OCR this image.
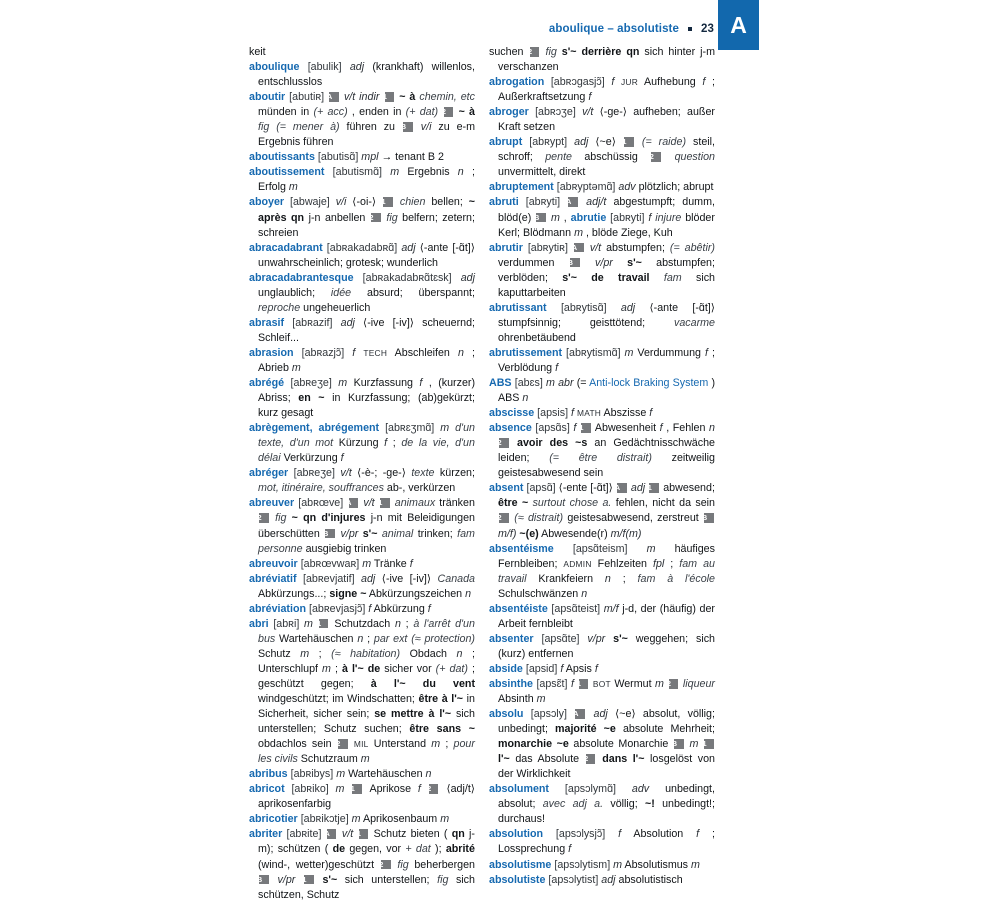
aboulique – absolutiste 23 A
keit
aboulique [abulik] adj (krankhaft) willenlos, entschlusslos
aboutir [abutiʀ] A v/t indir 1 ~ à chemin, etc münden in (+ acc) , enden in (+ dat) 2 ~ à fig (= mener à) führen zu B v/i zu e-m Ergebnis führen
aboutissants [abutisɑ̃] mpl → tenant B 2
aboutissement [abutismɑ̃] m Ergebnis n ; Erfolg m
aboyer [abwaje] v/i ⟨-oi-⟩ 1 chien bellen; ~ après qn j-n anbellen 2 fig belfern; zetern; schreien
abracadabrant [abʀakadabʀɑ̃] adj ⟨-ante [-ɑ̃t]⟩ unwahrscheinlich; grotesk; wunderlich
abracadabrantesque [abʀakadabʀɑ̃tɛsk] adj unglaublich; idée absurd; überspannt; reproche ungeheuerlich
abrasif [abʀazif] adj ⟨-ive [-iv]⟩ scheuernd; Schleif...
abrasion [abʀazjɔ̃] f TECH Abschleifen n ; Abrieb m
abrégé [abʀeʒe] m Kurzfassung f , (kurzer) Abriss; en ~ in Kurzfassung; (ab)gekürzt; kurz gesagt
abrègement, abrégement [abʀɛʒmɑ̃] m d'un texte, d'un mot Kürzung f ; de la vie, d'un délai Verkürzung f
abréger [abʀeʒe] v/t ⟨-è-; -ge-⟩ texte kürzen; mot, itinéraire, souffrances ab-, verkürzen
abreuver [abʀœve] A v/t 1 animaux tränken 2 fig ~ qn d'injures j-n mit Beleidigungen überschütten B v/pr s'~ animal trinken; fam personne ausgiebig trinken
abreuvoir [abʀœvwaʀ] m Tränke f
abréviatif [abʀevjatif] adj ⟨-ive [-iv]⟩ Canada Abkürzungs...; signe ~ Abkürzungszeichen n
abréviation [abʀevjasjɔ̃] f Abkürzung f
abri [abʀi] m 1 Schutzdach n ; à l'arrêt d'un bus Wartehäuschen n ; par ext (≈ protection) Schutz m ; (≈ habitation) Obdach n ; Unterschlupf m ; à l'~ de sicher vor (+ dat) ; geschützt gegen; à l'~ du vent windgeschützt; im Windschatten; être à l'~ in Sicherheit, sicher sein; se mettre à l'~ sich unterstellen; Schutz suchen; être sans ~ obdachlos sein 2 MIL Unterstand m ; pour les civils Schutzraum m
abribus [abʀibys] m Wartehäuschen n
abricot [abʀiko] m 1 Aprikose f 2 ⟨adj/t⟩ aprikosenfarbig
abricotier [abʀikɔtje] m Aprikosenbaum m
abriter [abʀite] A v/t 1 Schutz bieten ( qn j-m); schützen ( de gegen, vor + dat ); abrité (wind-, wetter)geschützt 2 fig beherbergen B v/pr 1 s'~ sich unterstellen; fig sich schützen, Schutz
suchen 2 fig s'~ derrière qn sich hinter j-m verschanzen
abrogation [abʀɔgasjɔ̃] f JUR Aufhebung f ; Außerkraftsetzung f
abroger [abʀɔʒe] v/t ⟨-ge-⟩ aufheben; außer Kraft setzen
abrupt [abʀypt] adj ⟨~e⟩ 1 (= raide) steil, schroff; pente abschüssig 2 question unvermittelt, direkt
abruptement [abʀyptəmɑ̃] adv plötzlich; abrupt
abruti [abʀyti] A adj/t abgestumpft; dumm, blöd(e) B m , abrutie [abʀyti] f injure blöder Kerl; Blödmann m , blöde Ziege, Kuh
abrutir [abʀytiʀ] A v/t abstumpfen; (= abêtir) verdummen B v/pr s'~ abstumpfen; verblöden; s'~ de travail fam sich kaputtarbeiten
abrutissant [abʀytisɑ̃] adj ⟨-ante [-ɑ̃t]⟩ stumpfsinnig; geisttötend;	vacarme ohrenbetäubend
abrutissement [abʀytismɑ̃] m Verdummung f ; Verblödung f
ABS [abɛs] m abr (= Anti-lock Braking System ) ABS n
abscisse [apsis] f MATH Abszisse f
absence [apsɑ̃s] f 1 Abwesenheit f , Fehlen n 2 avoir des ~s an Gedächtnisschwäche leiden; (= être distrait) zeitweilig geistesabwesend sein
absent [apsɑ̃] ⟨-ente [-ɑ̃t]⟩ A adj 1 abwesend; être ~ surtout chose a. fehlen, nicht da sein 2 (≈ distrait) geistesabwesend, zerstreut B m/f) ~(e) Abwesende(r) m/f(m)
absentéisme [apsɑ̃teism] m häufiges Fernbleiben; ADMIN Fehlzeiten fpl ; fam au travail Krankfeiern n ; fam à l'école Schulschwänzen n
absentéiste [apsɑ̃teist] m/f j-d, der (häufig) der Arbeit fernbleibt
absenter [apsɑ̃te] v/pr s'~ weggehen; sich (kurz) entfernen
abside [apsid] f Apsis f
absinthe [apsɛ̃t] f 1 BOT Wermut m 2 liqueur Absinth m
absolu [apsɔly] A adj ⟨~e⟩ absolut, völlig; unbedingt; majorité ~e absolute Mehrheit; monarchie ~e absolute Monarchie B m 1 l'~ das Absolute 2 dans l'~ losgelöst von der Wirklichkeit
absolument [apsɔlymɑ̃] adv unbedingt, absolut; avec adj a. völlig; ~! unbedingt!; durchaus!
absolution [apsɔlysjɔ̃] f Absolution f ; Lossprechung f
absolutisme [apsɔlytism] m Absolutismus m
absolutiste [apsɔlytist] adj absolutistisch
